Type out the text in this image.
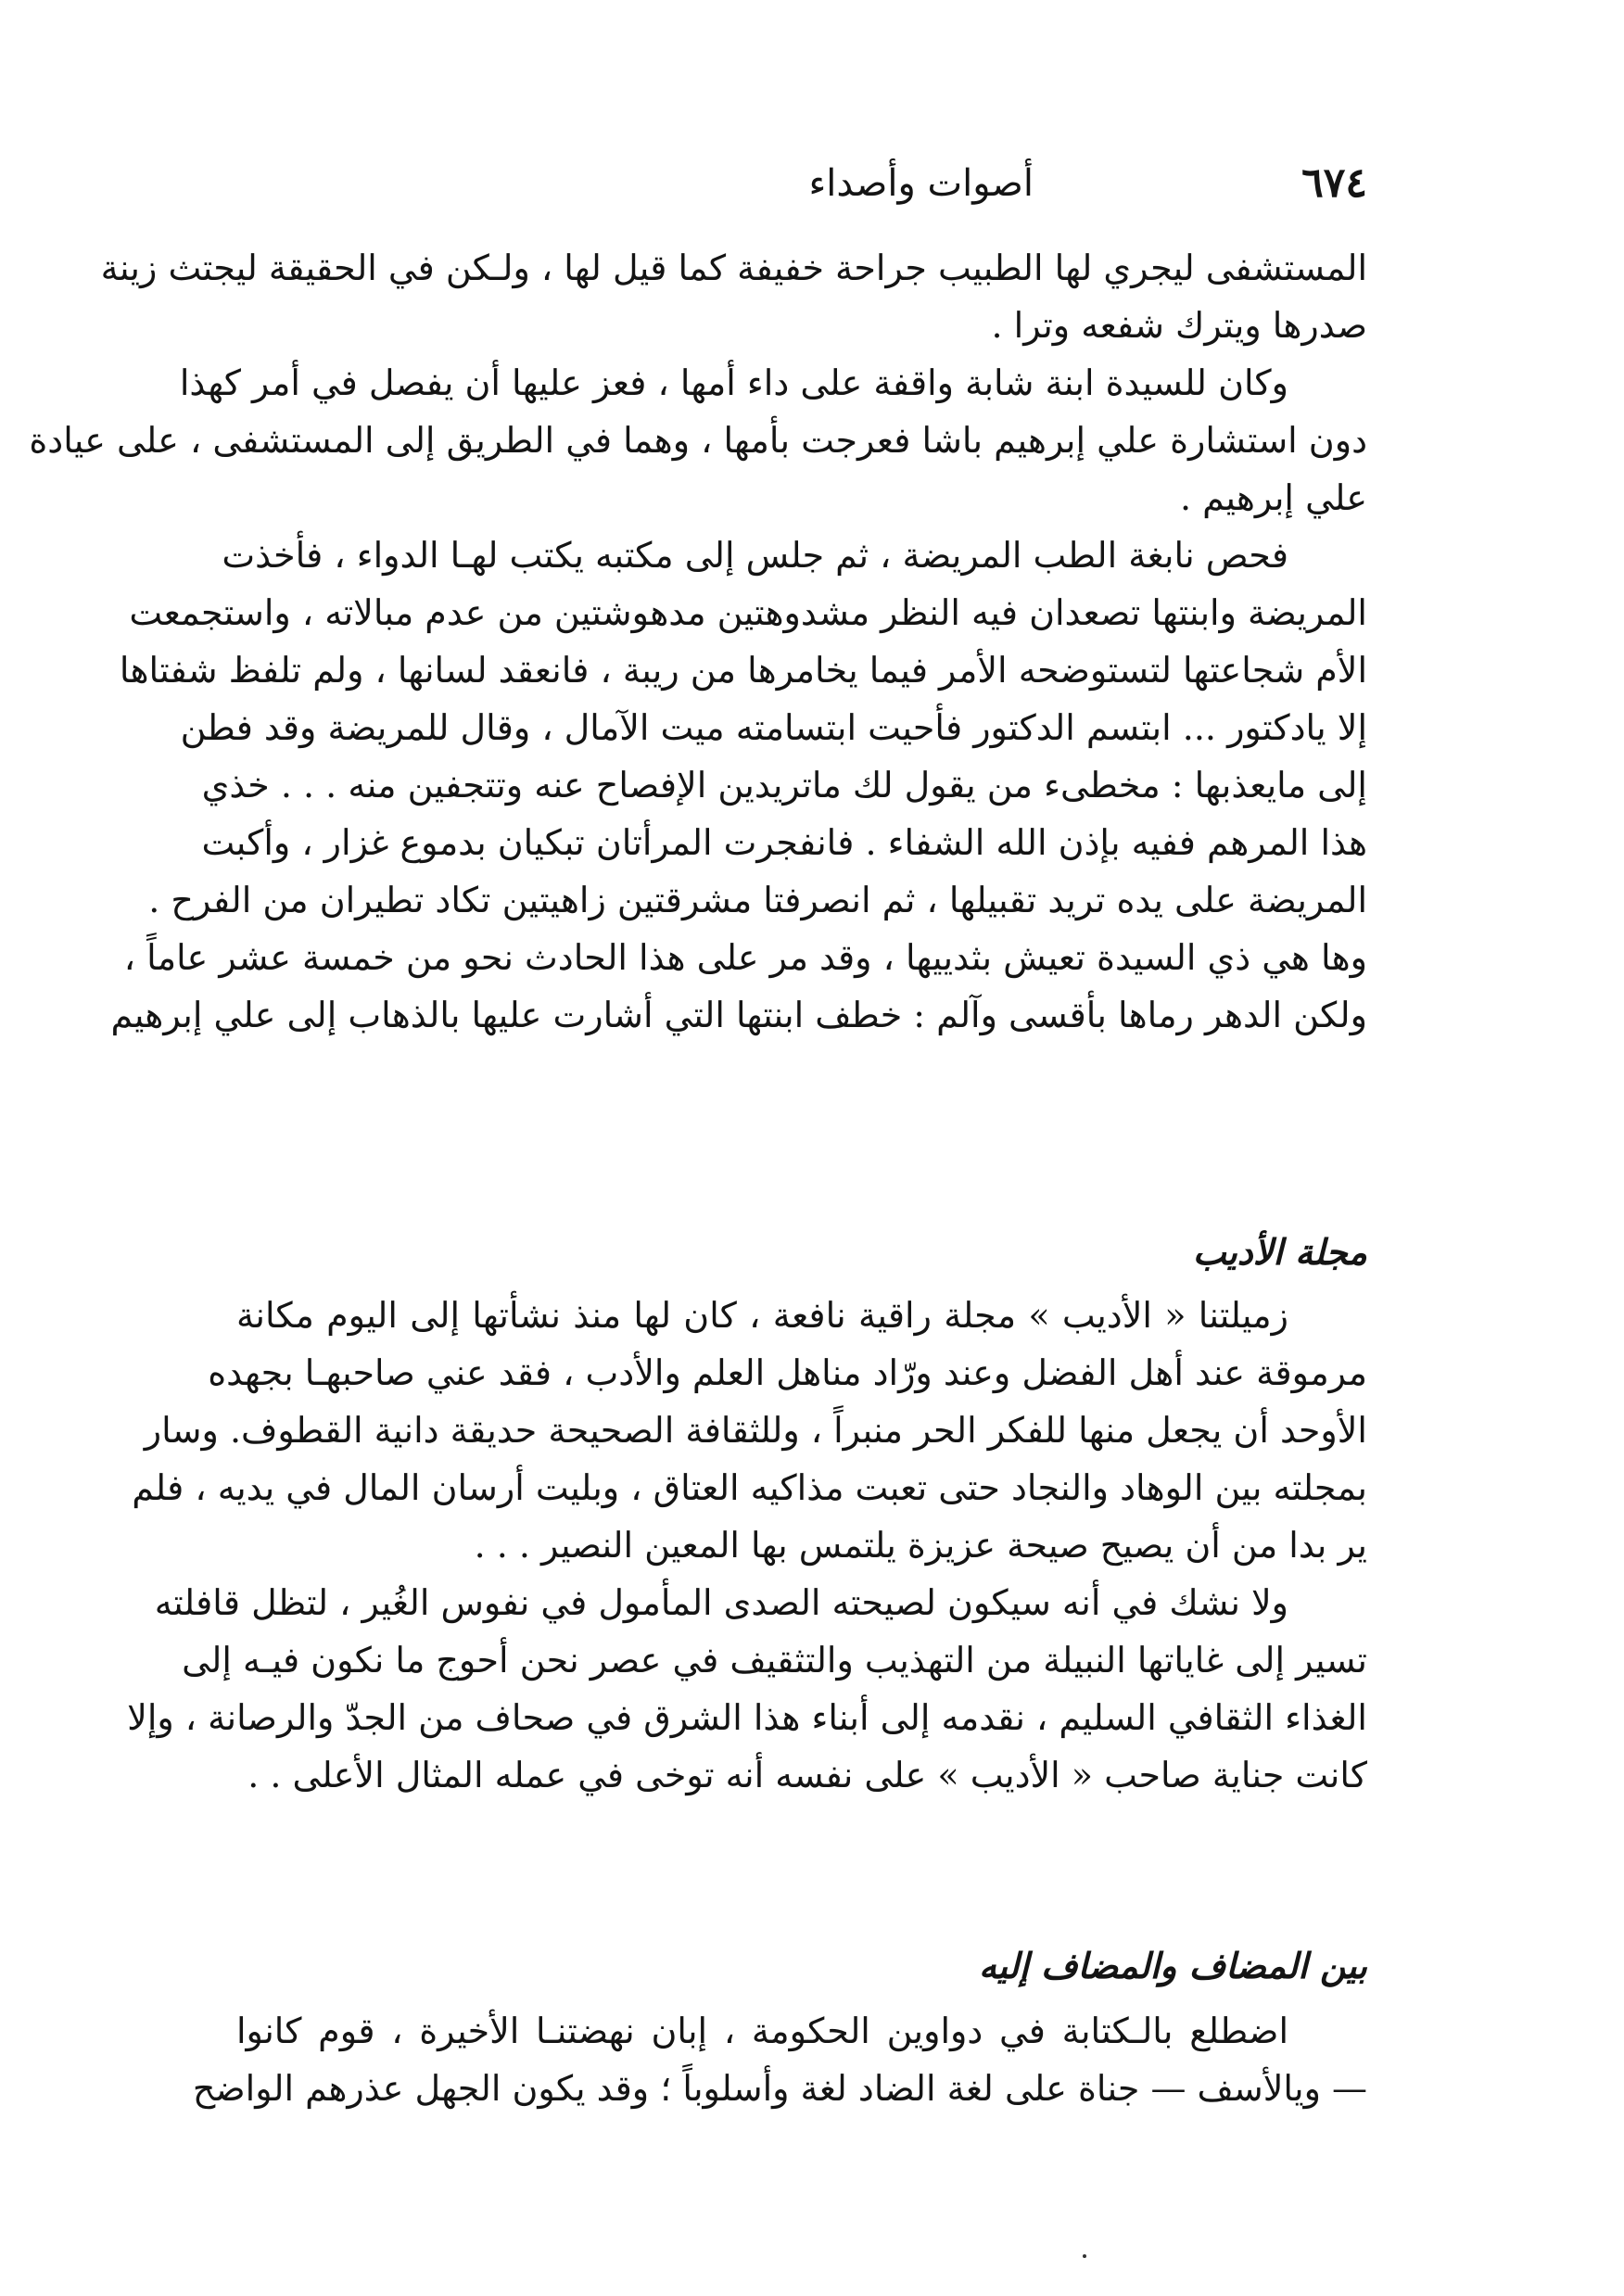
٦٧٤
أصوات وأصداء

المستشفى ليجري لها الطبيب جراحة خفيفة كما قيل لها ، ولـكن في الحقيقة ليجتث زينة

صدرها ويترك شفعه وترا .

وكان للسيدة ابنة شابة واقفة على داء أمها ، فعز عليها أن يفصل في أمر كهذا

دون استشارة علي إبرهيم باشا فعرجت بأمها ، وهما في الطريق إلى المستشفى ، على عيادة

علي إبرهيم .

فحص نابغة الطب المريضة ، ثم جلس إلى مكتبه يكتب لهـا الدواء ، فأخذت

المريضة وابنتها تصعدان فيه النظر مشدوهتين مدهوشتين من عدم مبالاته ، واستجمعت

الأم شجاعتها لتستوضحه الأمر فيما يخامرها من ريبة ، فانعقد لسانها ، ولم تلفظ شفتاها

إلا يادكتور ... ابتسم الدكتور فأحيت ابتسامته ميت الآمال ، وقال للمريضة وقد فطن

إلى مايعذبها : مخطىء من يقول لك ماتريدين الإفصاح عنه وتتجفين منه . . . خذي

هذا المرهم ففيه بإذن الله الشفاء . فانفجرت المرأتان تبكيان بدموع غزار ، وأكبت

المريضة على يده تريد تقبيلها ، ثم انصرفتا مشرقتين زاهيتين تكاد تطيران من الفرح .

وها هي ذي السيدة تعيش بثدييها ، وقد مر على هذا الحادث نحو من خمسة عشر عاماً ،

ولكن الدهر رماها بأقسى وآلم : خطف ابنتها التي أشارت عليها بالذهاب إلى علي إبرهيم

مجلة الأديب

زميلتنا « الأديب » مجلة راقية نافعة ، كان لها منذ نشأتها إلى اليوم مكانة

مرموقة عند أهل الفضل وعند ورّاد مناهل العلم والأدب ، فقد عني صاحبهـا بجهده

الأوحد أن يجعل منها للفكر الحر منبراً ، وللثقافة الصحيحة حديقة دانية القطوف. وسار

بمجلته بين الوهاد والنجاد حتى تعبت مذاكيه العتاق ، وبليت أرسان المال في يديه ، فلم

ير بدا من أن يصيح صيحة عزيزة يلتمس بها المعين النصير . . .

ولا نشك في أنه سيكون لصيحته الصدى المأمول في نفوس الغُير ، لتظل قافلته

تسير إلى غاياتها النبيلة من التهذيب والتثقيف في عصر نحن أحوج ما نكون فيـه إلى

الغذاء الثقافي السليم ، نقدمه إلى أبناء هذا الشرق في صحاف من الجدّ والرصانة ، وإلا

كانت جناية صاحب « الأديب » على نفسه أنه توخى في عمله المثال الأعلى . .

بين المضاف والمضاف إليه

اضطلع بالـكتابة في دواوين الحكومة ، إبان نهضتنـا الأخيرة ، قوم كانوا

— ويالأسف — جناة على لغة الضاد لغة وأسلوباً ؛ وقد يكون الجهل عذرهم الواضح
